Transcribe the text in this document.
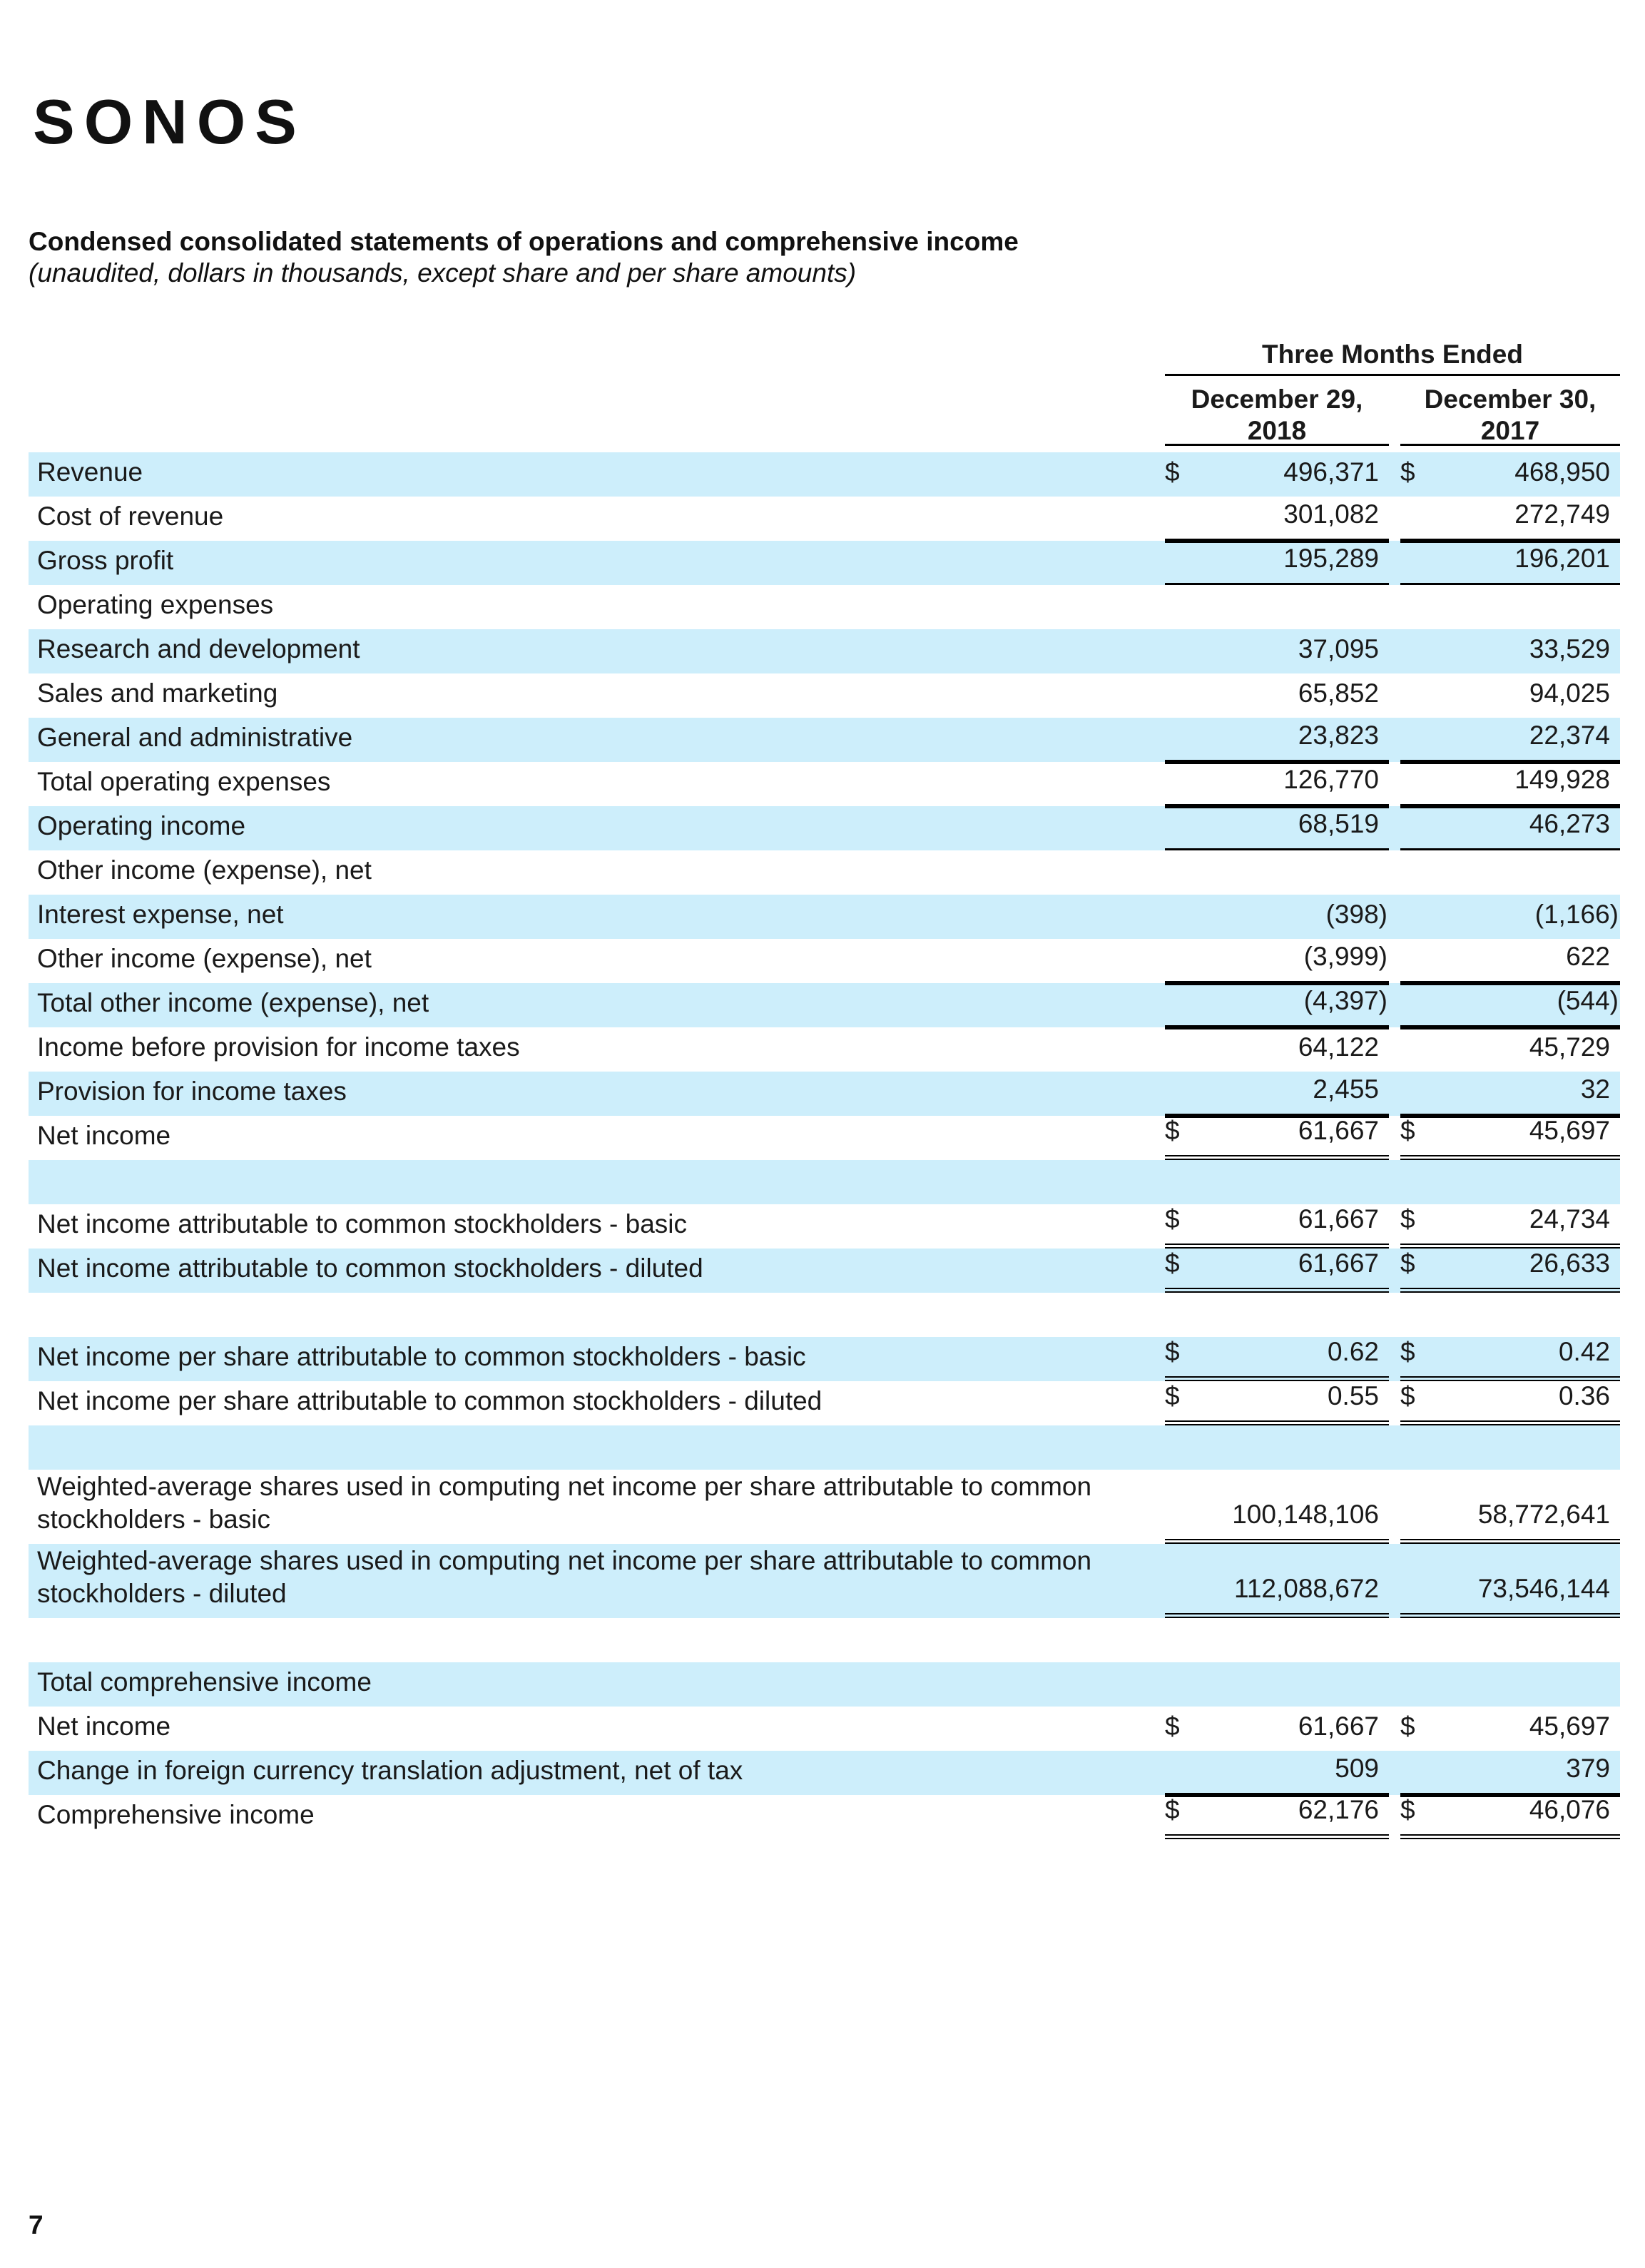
SONOS
Condensed consolidated statements of operations and comprehensive income
(unaudited, dollars in thousands, except share and per share amounts)
Three Months Ended
December 29,
2018
December 30,
2017
Revenue	$	496,371 $	468,950
Cost of revenue	301,082	272,749
Gross profit	195,289	196,201
Operating expenses
Research and development	37,095	33,529
Sales and marketing	65,852	94,025
General and administrative	23,823	22,374
Total operating expenses	126,770	149,928
Operating income	68,519	46,273
Other income (expense), net
Interest expense, net	(398)	(1,166)
Other income (expense), net	(3,999)	622
Total other income (expense), net	(4,397)	(544)
Income before provision for income taxes	64,122	45,729
Provision for income taxes	2,455	32
Net income	$	61,667 $	45,697
Net income attributable to common stockholders - basic	$	61,667 $	24,734
Net income attributable to common stockholders - diluted	$	61,667 $	26,633
Net income per share attributable to common stockholders - basic	$	0.62 $	0.42
Net income per share attributable to common stockholders - diluted	$	0.55 $	0.36
Weighted-average shares used in computing net income per share attributable to common
stockholders - basic	100,148,106	58,772,641
Weighted-average shares used in computing net income per share attributable to common
stockholders - diluted	112,088,672	73,546,144
Total comprehensive income
Net income	$	61,667 $	45,697
Change in foreign currency translation adjustment, net of tax	509	379
Comprehensive income	$	62,176 $	46,076
7
